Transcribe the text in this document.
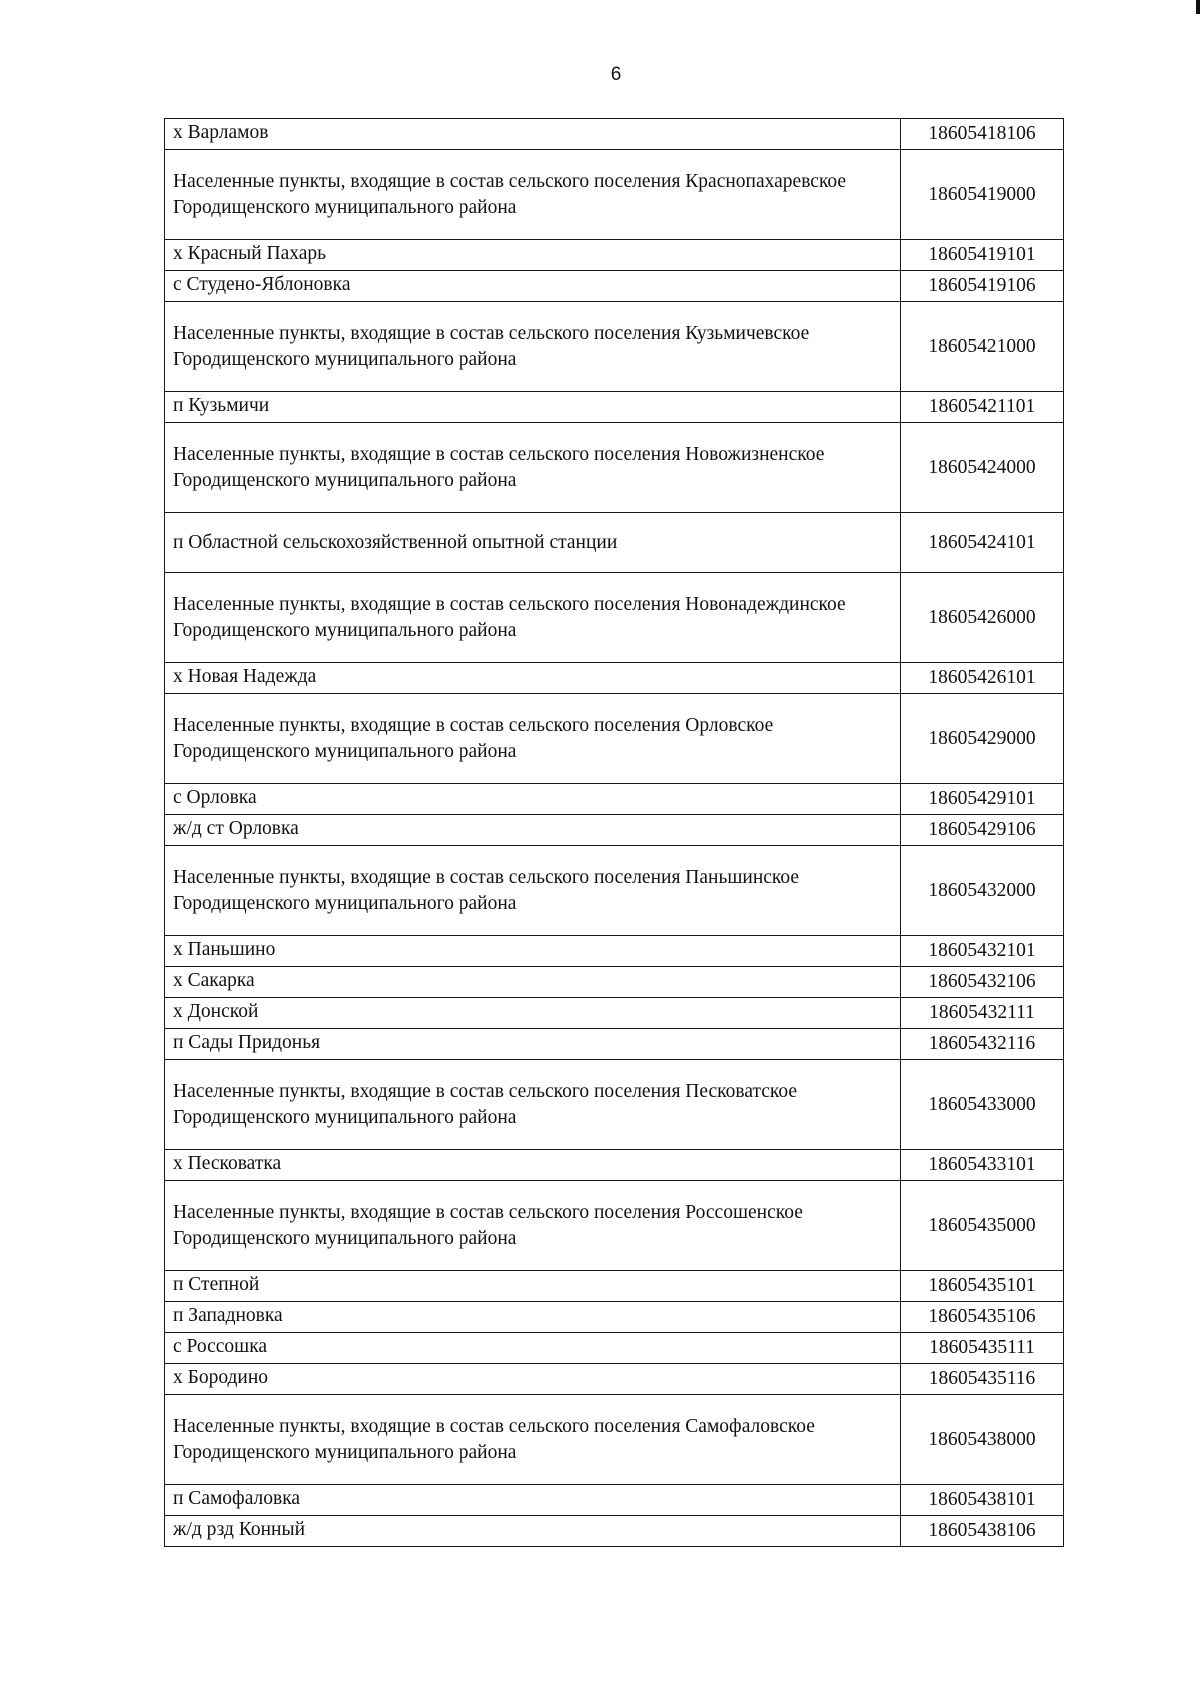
6
х Варламов	18605418106
Населенные пункты, входящие в состав сельского поселения Краснопахаревское Городищенского муниципального района	18605419000
х Красный Пахарь	18605419101
с Студено-Яблоновка	18605419106
Населенные пункты, входящие в состав сельского поселения Кузьмичевское Городищенского муниципального района	18605421000
п Кузьмичи	18605421101
Населенные пункты, входящие в состав сельского поселения Новожизненское Городищенского муниципального района	18605424000
п Областной сельскохозяйственной опытной станции	18605424101
Населенные пункты, входящие в состав сельского поселения Новонадеждинское Городищенского муниципального района	18605426000
х Новая Надежда	18605426101
Населенные пункты, входящие в состав сельского поселения Орловское Городищенского муниципального района	18605429000
с Орловка	18605429101
ж/д ст Орловка	18605429106
Населенные пункты, входящие в состав сельского поселения Паньшинское Городищенского муниципального района	18605432000
х Паньшино	18605432101
х Сакарка	18605432106
х Донской	18605432111
п Сады Придонья	18605432116
Населенные пункты, входящие в состав сельского поселения Песковатское Городищенского муниципального района	18605433000
х Песковатка	18605433101
Населенные пункты, входящие в состав сельского поселения Россошенское Городищенского муниципального района	18605435000
п Степной	18605435101
п Западновка	18605435106
с Россошка	18605435111
х Бородино	18605435116
Населенные пункты, входящие в состав сельского поселения Самофаловское Городищенского муниципального района	18605438000
п Самофаловка	18605438101
ж/д рзд Конный	18605438106
